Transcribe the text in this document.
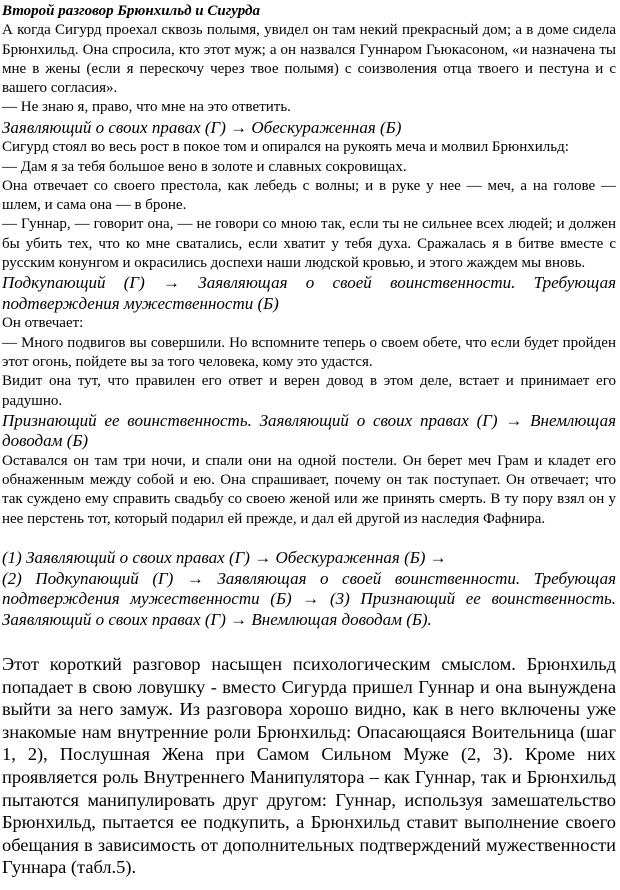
Второй разговор Брюнхильд и Сигурда

А когда Сигурд проехал сквозь полымя, увидел он там некий прекрасный дом; а в доме сидела Брюнхильд. Она спросила, кто этот муж; а он назвался Гуннаром Гьюкасоном, «и назначена ты мне в жены (если я перескочу через твое полымя) с соизволения отца твоего и пестуна и с вашего согласия».

— Не знаю я, право, что мне на это ответить.

Заявляющий о своих правах (Г) → Обескураженная (Б)

Сигурд стоял во весь рост в покое том и опирался на рукоять меча и молвил Брюнхильд:

— Дам я за тебя большое вено в золоте и славных сокровищах.

Она отвечает со своего престола, как лебедь с волны; и в руке у нее — меч, а на голове — шлем, и сама она — в броне.

— Гуннар, — говорит она, — не говори со мною так, если ты не сильнее всех людей; и должен бы убить тех, что ко мне сватались, если хватит у тебя духа. Сражалась я в битве вместе с русским конунгом и окрасились доспехи наши людской кровью, и этого жаждем мы вновь.

Подкупающий (Г) → Заявляющая о своей воинственности. Требующая подтверждения мужественности (Б)

Он отвечает:

— Много подвигов вы совершили. Но вспомните теперь о своем обете, что если будет пройден этот огонь, пойдете вы за того человека, кому это удастся.

Видит она тут, что правилен его ответ и верен довод в этом деле, встает и принимает его радушно.

Признающий ее воинственность. Заявляющий о своих правах (Г) → Внемлющая доводам (Б)

Оставался он там три ночи, и спали они на одной постели. Он берет меч Грам и кладет его обнаженным между собой и ею. Она спрашивает, почему он так поступает. Он отвечает; что так суждено ему справить свадьбу со своею женой или же принять смерть. В ту пору взял он у нее перстень тот, который подарил ей прежде, и дал ей другой из наследия Фафнира.

(1) Заявляющий о своих правах (Г) → Обескураженная (Б) →

(2) Подкупающий (Г) → Заявляющая о своей воинственности. Требующая подтверждения мужественности (Б) → (3) Признающий ее воинственность. Заявляющий о своих правах (Г) → Внемлющая доводам (Б).

Этот короткий разговор насыщен психологическим смыслом. Брюнхильд попадает в свою ловушку - вместо Сигурда пришел Гуннар и она вынуждена выйти за него замуж. Из разговора хорошо видно, как в него включены уже знакомые нам внутренние роли Брюнхильд: Опасающаяся Воительница (шаг 1, 2), Послушная Жена при Самом Сильном Муже (2, 3). Кроме них проявляется роль Внутреннего Манипулятора – как Гуннар, так и Брюнхильд пытаются манипулировать друг другом: Гуннар, используя замешательство Брюнхильд, пытается ее подкупить, а Брюнхильд ставит выполнение своего обещания в зависимость от дополнительных подтверждений мужественности Гуннара (табл.5).
